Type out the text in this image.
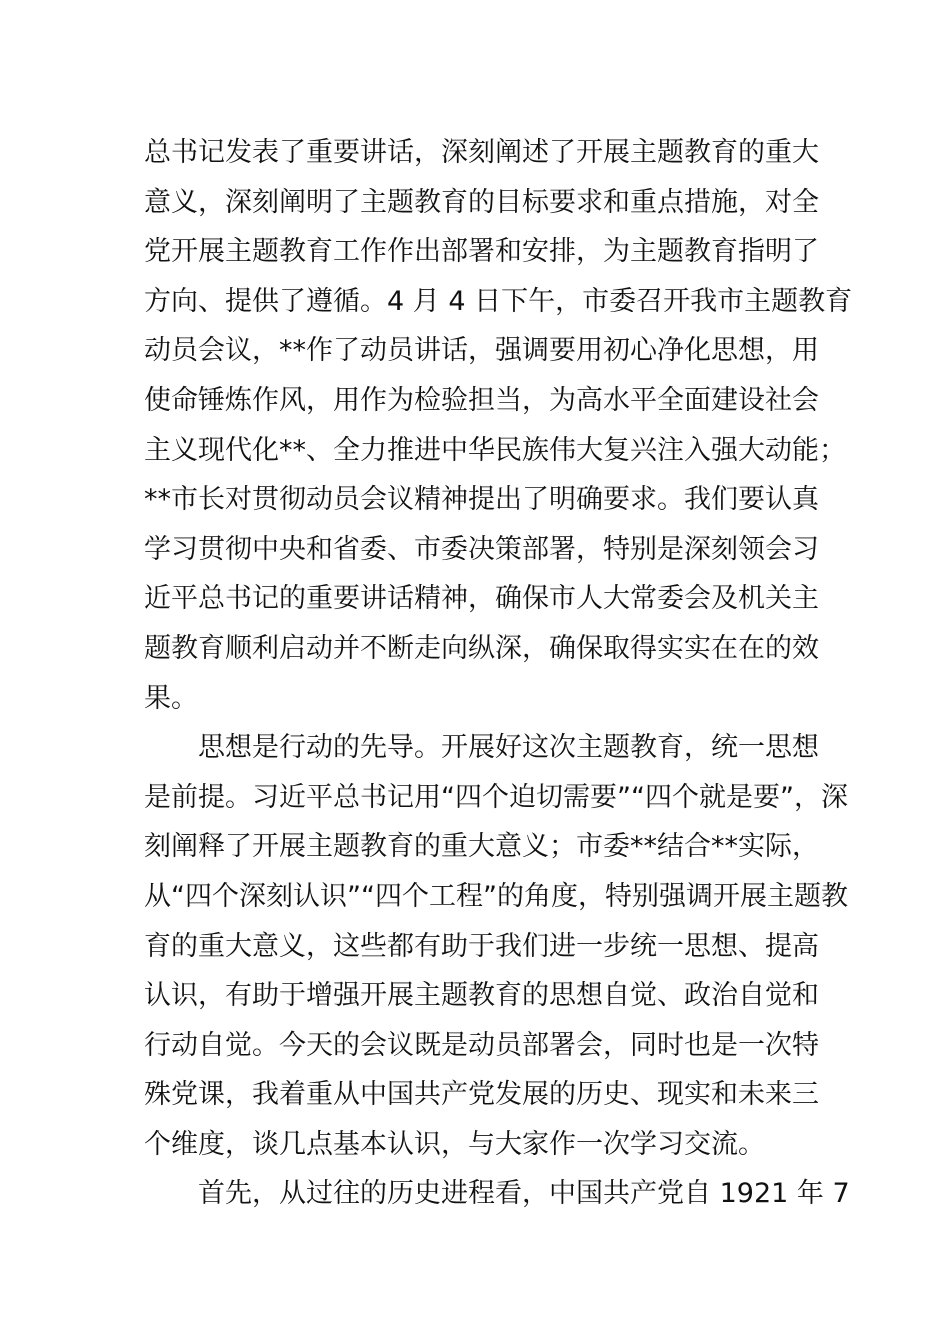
总书记发表了重要讲话，深刻阐述了开展主题教育的重大
意义，深刻阐明了主题教育的目标要求和重点措施，对全
党开展主题教育工作作出部署和安排，为主题教育指明了
方向、提供了遵循。4 月 4 日下午，市委召开我市主题教育
动员会议，**作了动员讲话，强调要用初心净化思想，用
使命锤炼作风，用作为检验担当，为高水平全面建设社会
主义现代化**、全力推进中华民族伟大复兴注入强大动能；
**市长对贯彻动员会议精神提出了明确要求。我们要认真
学习贯彻中央和省委、市委决策部署，特别是深刻领会习
近平总书记的重要讲话精神，确保市人大常委会及机关主
题教育顺利启动并不断走向纵深，确保取得实实在在的效
果。
思想是行动的先导。开展好这次主题教育，统一思想
是前提。习近平总书记用“四个迫切需要”“四个就是要”，深
刻阐释了开展主题教育的重大意义；市委**结合**实际，
从“四个深刻认识”“四个工程”的角度，特别强调开展主题教
育的重大意义，这些都有助于我们进一步统一思想、提高
认识，有助于增强开展主题教育的思想自觉、政治自觉和
行动自觉。今天的会议既是动员部署会，同时也是一次特
殊党课，我着重从中国共产党发展的历史、现实和未来三
个维度，谈几点基本认识，与大家作一次学习交流。
首先，从过往的历史进程看，中国共产党自 1921 年 7
